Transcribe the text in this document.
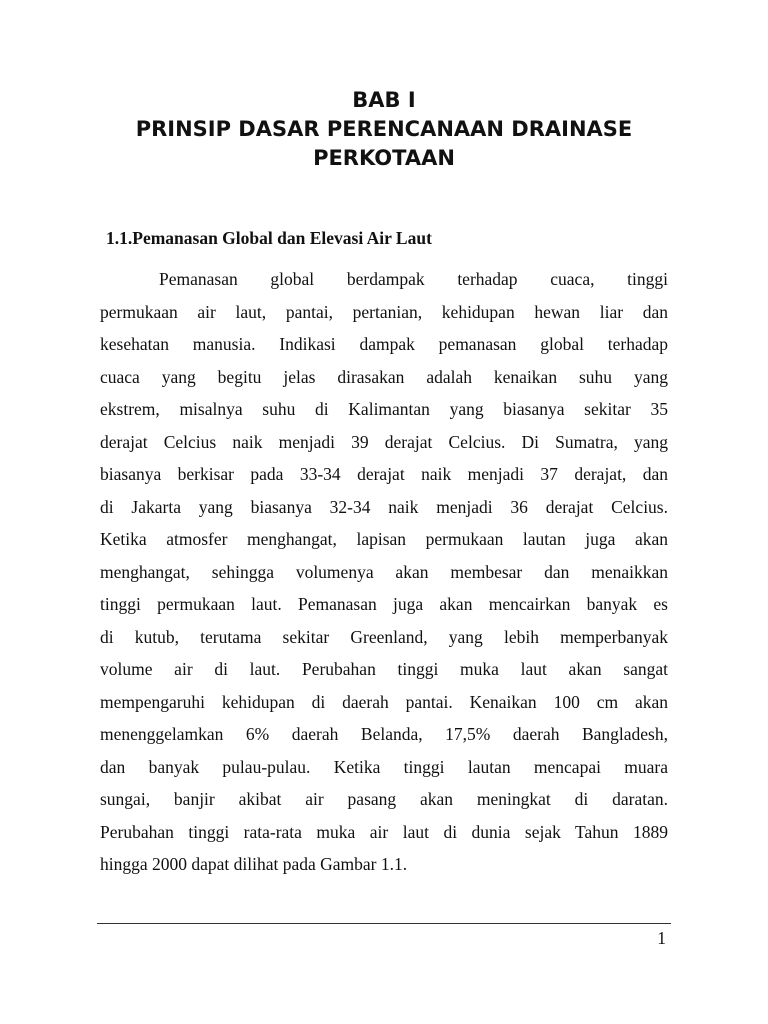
BAB I
PRINSIP DASAR PERENCANAAN DRAINASE
PERKOTAAN
1.1.Pemanasan Global dan Elevasi Air Laut
Pemanasan global berdampak terhadap cuaca, tinggi
permukaan air laut, pantai, pertanian, kehidupan hewan liar dan
kesehatan manusia. Indikasi dampak pemanasan global terhadap
cuaca yang begitu jelas dirasakan adalah kenaikan suhu yang
ekstrem, misalnya suhu di Kalimantan yang biasanya sekitar 35
derajat Celcius naik menjadi 39 derajat Celcius. Di Sumatra, yang
biasanya berkisar pada 33-34 derajat naik menjadi 37 derajat, dan
di Jakarta yang biasanya 32-34 naik menjadi 36 derajat Celcius.
Ketika atmosfer menghangat, lapisan permukaan lautan juga akan
menghangat, sehingga volumenya akan membesar dan menaikkan
tinggi permukaan laut. Pemanasan juga akan mencairkan banyak es
di kutub, terutama sekitar Greenland, yang lebih memperbanyak
volume air di laut. Perubahan tinggi muka laut akan sangat
mempengaruhi kehidupan di daerah pantai. Kenaikan 100 cm akan
menenggelamkan 6% daerah Belanda, 17,5% daerah Bangladesh,
dan banyak pulau-pulau. Ketika tinggi lautan mencapai muara
sungai, banjir akibat air pasang akan meningkat di daratan.
Perubahan tinggi rata-rata muka air laut di dunia sejak Tahun 1889
hingga 2000 dapat dilihat pada Gambar 1.1.
1
